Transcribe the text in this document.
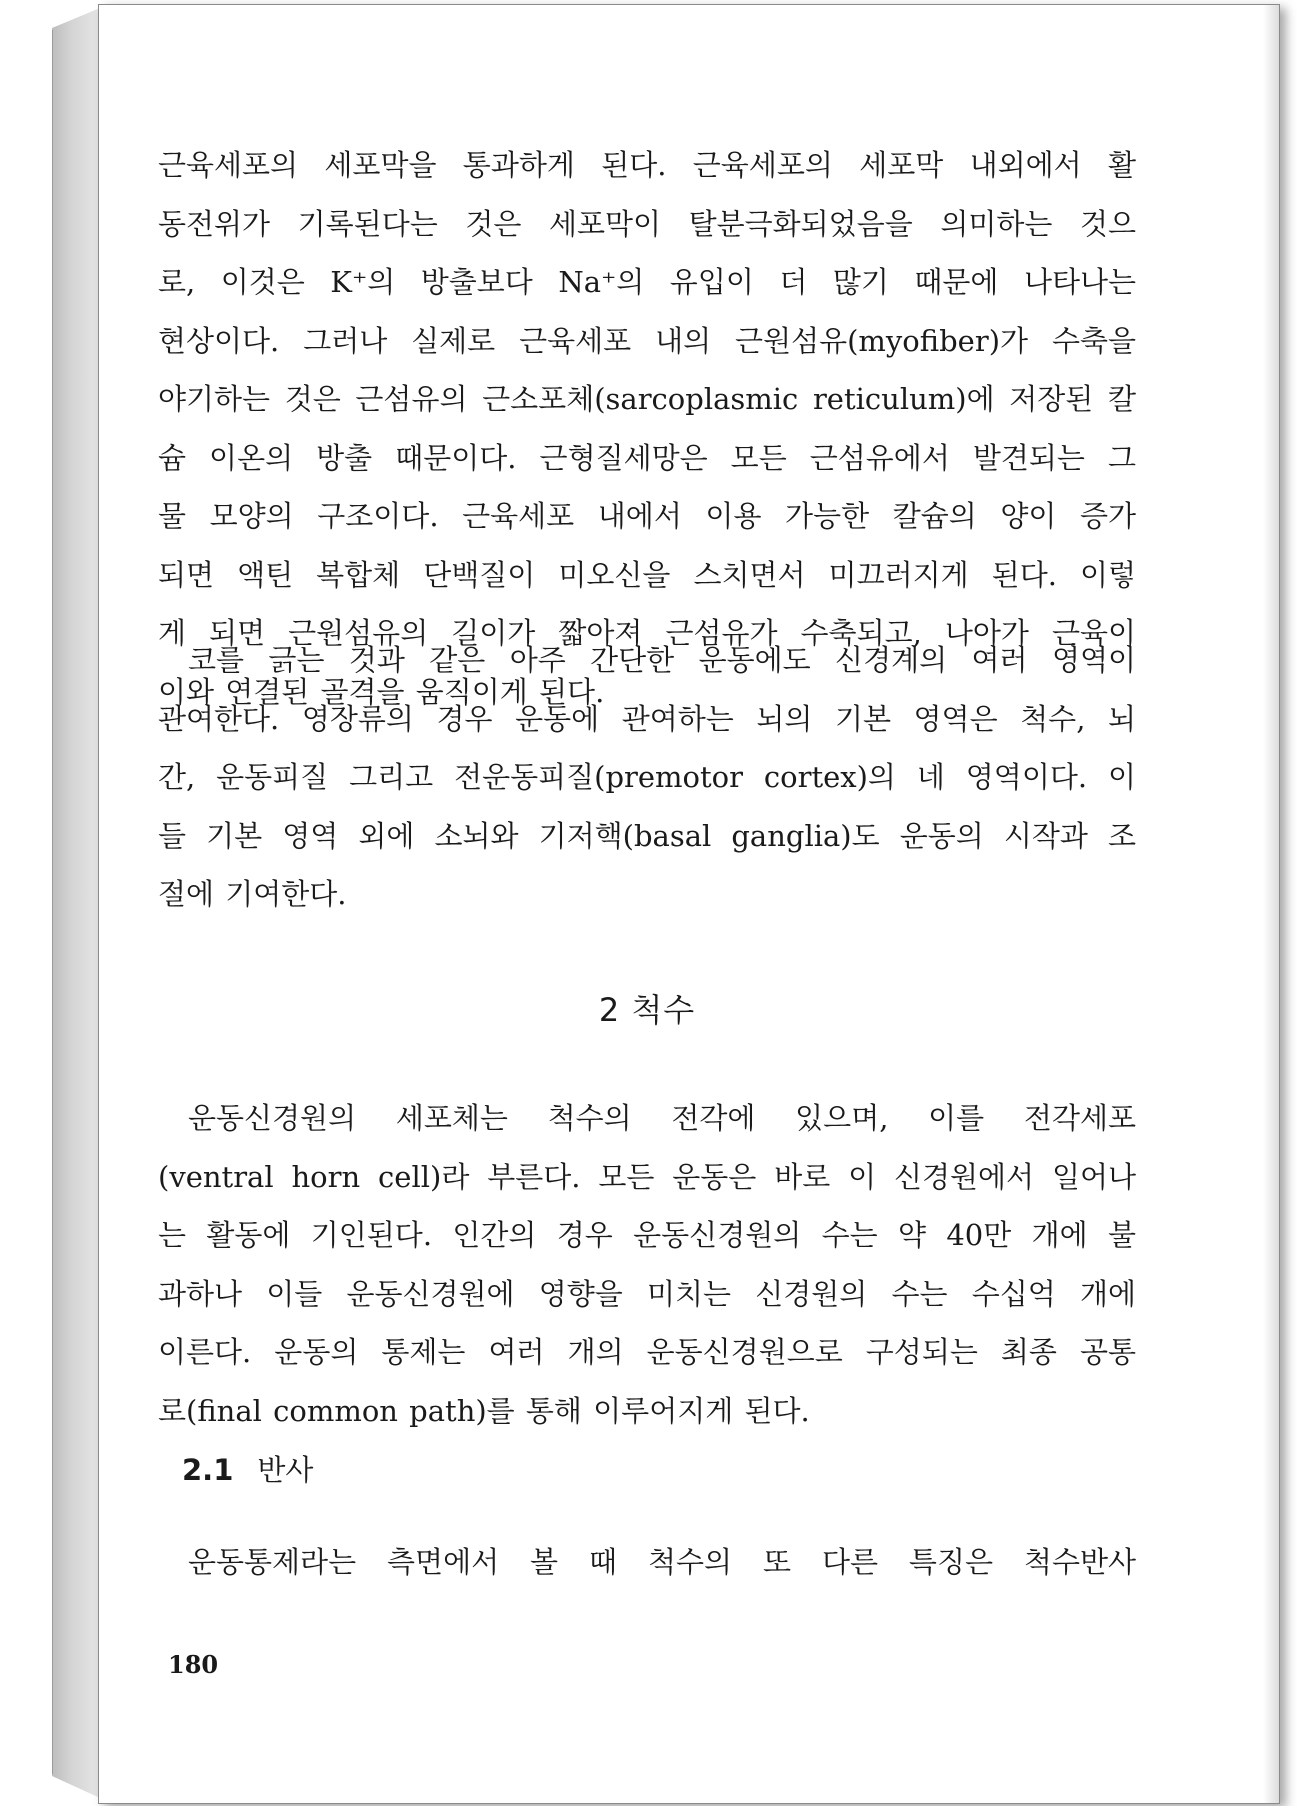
근육세포의 세포막을 통과하게 된다. 근육세포의 세포막 내외에서 활
동전위가 기록된다는 것은 세포막이 탈분극화되었음을 의미하는 것으
로, 이것은 K⁺의 방출보다 Na⁺의 유입이 더 많기 때문에 나타나는
현상이다. 그러나 실제로 근육세포 내의 근원섬유(myofiber)가 수축을
야기하는 것은 근섬유의 근소포체(sarcoplasmic reticulum)에 저장된 칼
슘 이온의 방출 때문이다. 근형질세망은 모든 근섬유에서 발견되는 그
물 모양의 구조이다. 근육세포 내에서 이용 가능한 칼슘의 양이 증가
되면 액틴 복합체 단백질이 미오신을 스치면서 미끄러지게 된다. 이렇
게 되면 근원섬유의 길이가 짧아져 근섬유가 수축되고, 나아가 근육이
이와 연결된 골격을 움직이게 된다.
코를 긁는 것과 같은 아주 간단한 운동에도 신경계의 여러 영역이
관여한다. 영장류의 경우 운동에 관여하는 뇌의 기본 영역은 척수, 뇌
간, 운동피질 그리고 전운동피질(premotor cortex)의 네 영역이다. 이
들 기본 영역 외에 소뇌와 기저핵(basal ganglia)도 운동의 시작과 조
절에 기여한다.
2 척수
운동신경원의 세포체는 척수의 전각에 있으며, 이를 전각세포
(ventral horn cell)라 부른다. 모든 운동은 바로 이 신경원에서 일어나
는 활동에 기인된다. 인간의 경우 운동신경원의 수는 약 40만 개에 불
과하나 이들 운동신경원에 영향을 미치는 신경원의 수는 수십억 개에
이른다. 운동의 통제는 여러 개의 운동신경원으로 구성되는 최종 공통
로(final common path)를 통해 이루어지게 된다.
2.1 반사
운동통제라는 측면에서 볼 때 척수의 또 다른 특징은 척수반사
180
